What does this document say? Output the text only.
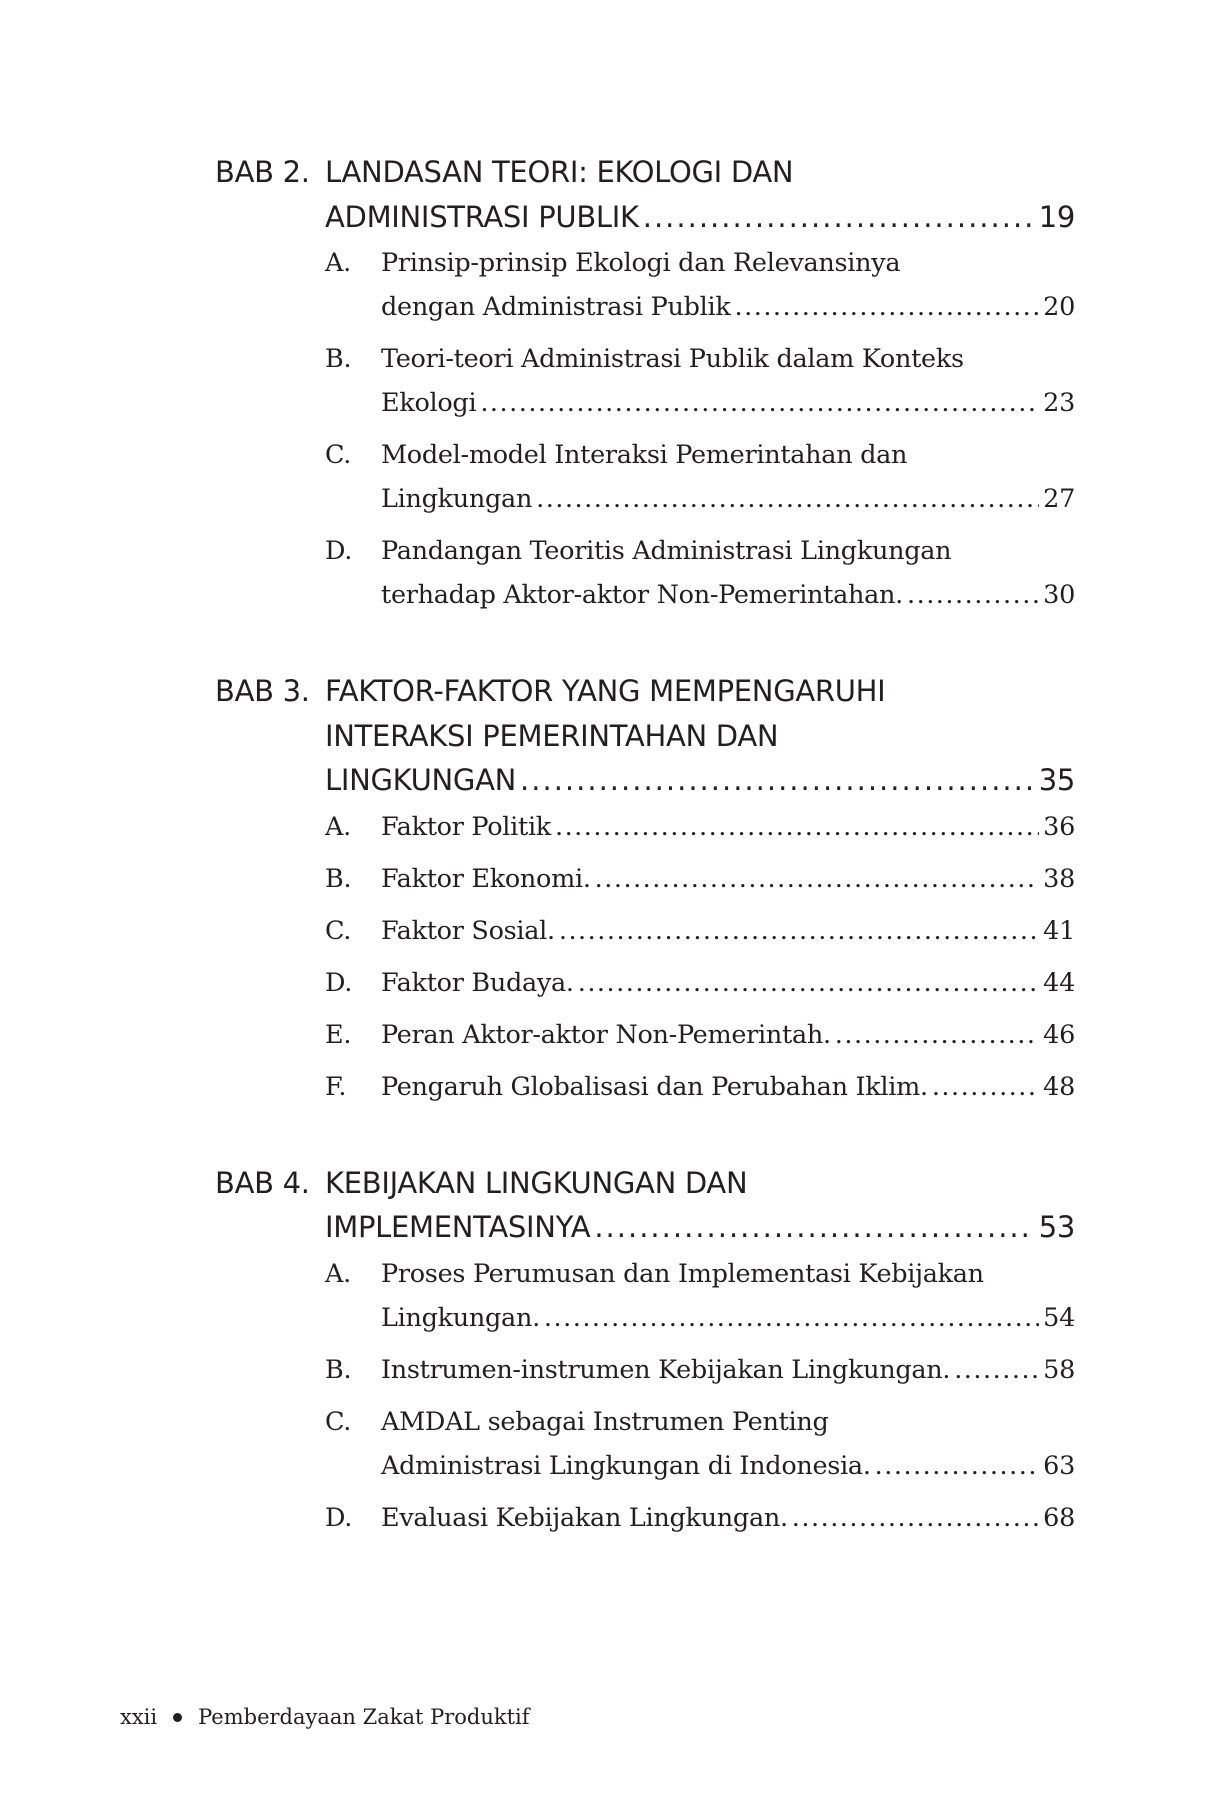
BAB 2. LANDASAN TEORI: EKOLOGI DAN
ADMINISTRASI PUBLIK .....	19
A. Prinsip-prinsip Ekologi dan Relevansinya
dengan Administrasi Publik .....	20
B. Teori-teori Administrasi Publik dalam Konteks
Ekologi .....	23
C. Model-model Interaksi Pemerintahan dan
Lingkungan .....	27
D. Pandangan Teoritis Administrasi Lingkungan
terhadap Aktor-aktor Non-Pemerintahan. .....	30
BAB 3. FAKTOR-FAKTOR YANG MEMPENGARUHI
INTERAKSI PEMERINTAHAN DAN
LINGKUNGAN .....	35
A. Faktor Politik .....	36
B. Faktor Ekonomi. .....	38
C. Faktor Sosial. .....	41
D. Faktor Budaya. .....	44
E. Peran Aktor-aktor Non-Pemerintah. .....	46
F. Pengaruh Globalisasi dan Perubahan Iklim. .....	48
BAB 4. KEBIJAKAN LINGKUNGAN DAN
IMPLEMENTASINYA .....	53
A. Proses Perumusan dan Implementasi Kebijakan
Lingkungan. .....	54
B. Instrumen-instrumen Kebijakan Lingkungan. .....	58
C. AMDAL sebagai Instrumen Penting
Administrasi Lingkungan di Indonesia. .....	63
D. Evaluasi Kebijakan Lingkungan. .....	68
xxii Pemberdayaan Zakat Produktif
